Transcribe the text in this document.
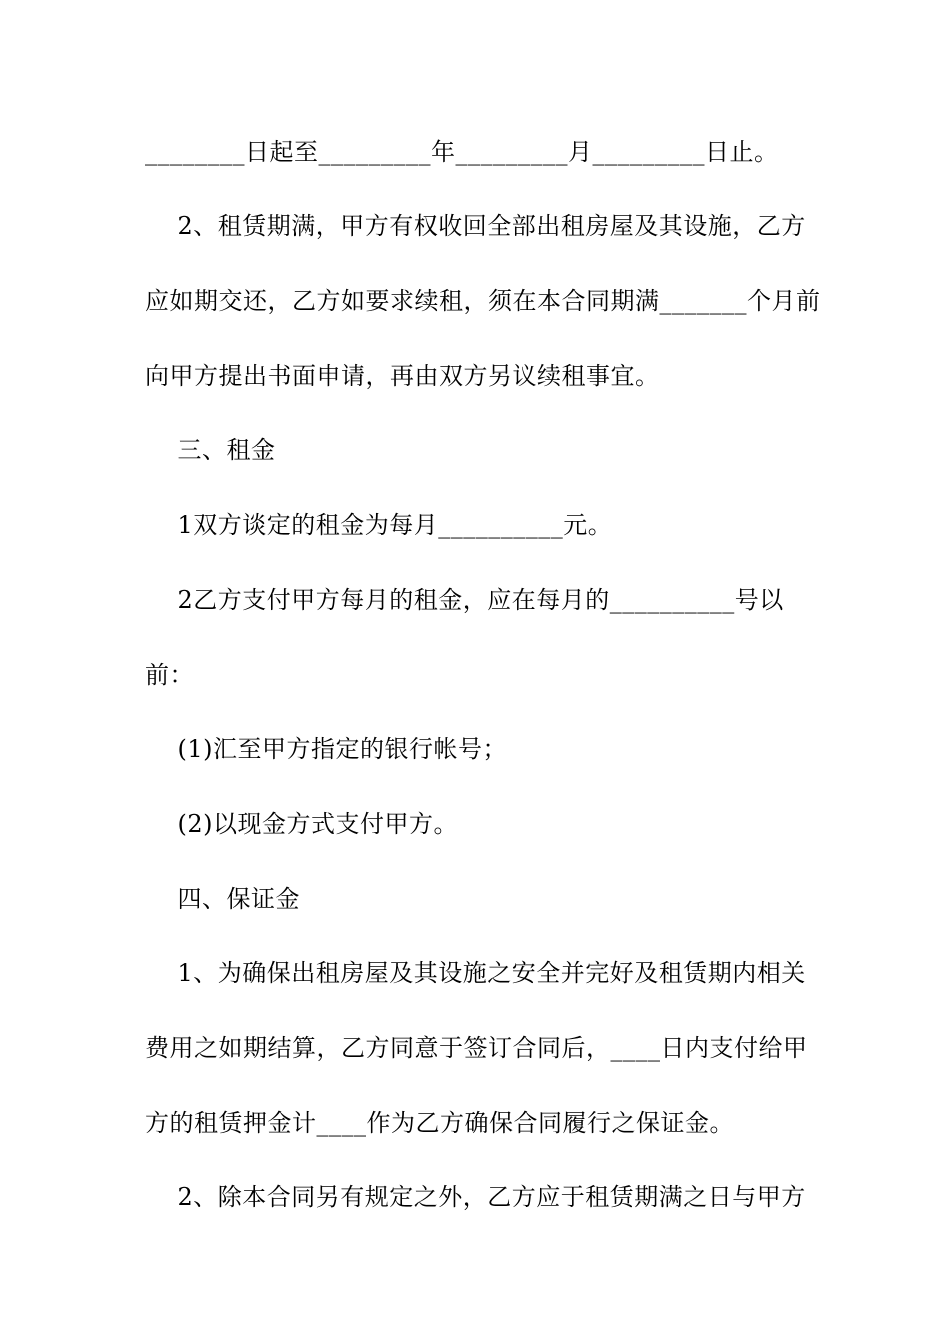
________日起至_________年_________月_________日止。
2、租赁期满，甲方有权收回全部出租房屋及其设施，乙方
应如期交还，乙方如要求续租，须在本合同期满_______个月前
向甲方提出书面申请，再由双方另议续租事宜。
三、租金
1双方谈定的租金为每月__________元。
2乙方支付甲方每月的租金，应在每月的__________号以
前：
(1)汇至甲方指定的银行帐号；
(2)以现金方式支付甲方。
四、保证金
1、为确保出租房屋及其设施之安全并完好及租赁期内相关
费用之如期结算，乙方同意于签订合同后，____日内支付给甲
方的租赁押金计____作为乙方确保合同履行之保证金。
2、除本合同另有规定之外，乙方应于租赁期满之日与甲方
